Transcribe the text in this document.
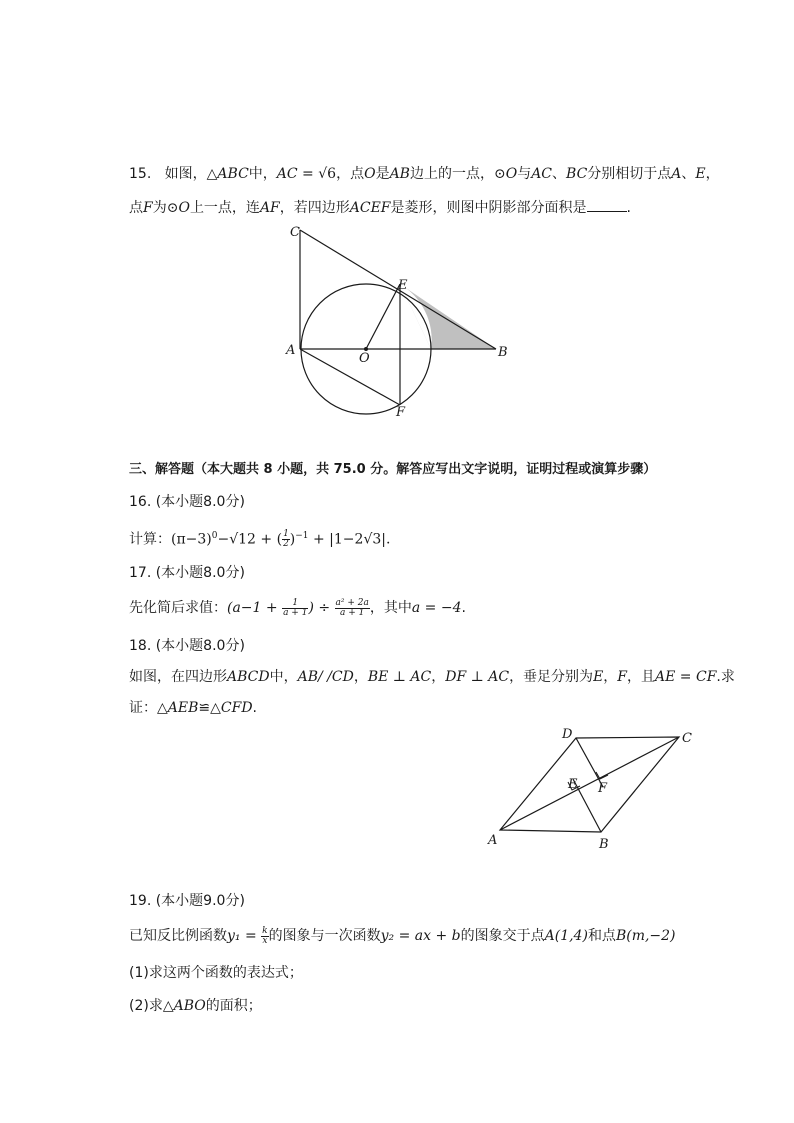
15. 如图，△ABC中，AC = √6，点O是AB边上的一点，⊙O与AC、BC分别相切于点A、E，
点F为⊙O上一点，连AF，若四边形ACEF是菱形，则图中阴影部分面积是	.
C
E
A
O	B
F
三、解答题（本大题共 8 小题，共 75.0 分。解答应写出文字说明，证明过程或演算步骤）
16. (本小题8.0分)
计算：$(\pi-3)^0-√12$ + ( $\frac{1}{2} )^{-1} + |1-2√3|$.
17. (本小题8.0分)
先化简后求值：($a-1 + \frac{1}{a + 1}$ ) ÷ $\frac{\text{a² + 2a}}{a + 1}$ ，其中a = −4.
18. (本小题8.0分)
如图，在四边形ABCD中，AB/ /CD，BE ⊥ AC，DF ⊥ AC，垂足分别为E，F，且AE = CF.求
证：△AEB≌△CFD.
D	C
E F
A	B
19. (本小题9.0分)
已知反比例函数$y_1 = \frac{k}{x}$ 的图象与一次函数y₂ = ax + b的图象交于点A(1,4)和点B(m,−2)
(1)求这两个函数的表达式；
(2)求△ABO的面积；
